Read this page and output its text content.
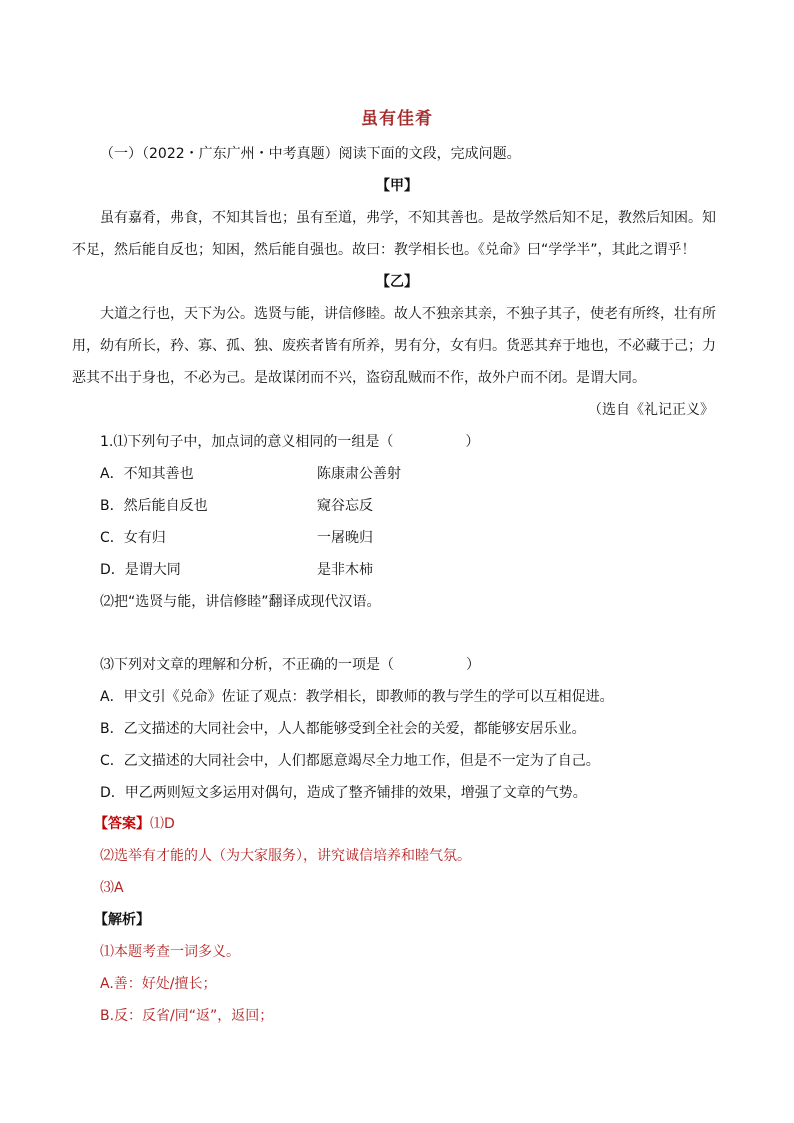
虽有佳肴
（一）（2022・广东广州・中考真题）阅读下面的文段，完成问题。
【甲】
虽有嘉肴，弗食，不知其旨也；虽有至道，弗学，不知其善也。是故学然后知不足，教然后知困。知
不足，然后能自反也；知困，然后能自强也。故曰：教学相长也。《兑命》曰“学学半”，其此之谓乎！
【乙】
大道之行也，天下为公。选贤与能，讲信修睦。故人不独亲其亲，不独子其子，使老有所终，壮有所
用，幼有所长，矜、寡、孤、独、废疾者皆有所养，男有分，女有归。货恶其弃于地也，不必藏于己；力
恶其不出于身也，不必为己。是故谋闭而不兴，盗窃乱贼而不作，故外户而不闭。是谓大同。
（选自《礼记正义》
1.⑴下列句子中，加点词的意义相同的一组是（	）
A．不知其善也	陈康肃公善射
B．然后能自反也	窥谷忘反
C．女有归	一屠晚归
D．是谓大同	是非木柿
⑵把“选贤与能，讲信修睦”翻译成现代汉语。
⑶下列对文章的理解和分析，不正确的一项是（	）
A．甲文引《兑命》佐证了观点：教学相长，即教师的教与学生的学可以互相促进。
B．乙文描述的大同社会中，人人都能够受到全社会的关爱，都能够安居乐业。
C．乙文描述的大同社会中，人们都愿意竭尽全力地工作，但是不一定为了自己。
D．甲乙两则短文多运用对偶句，造成了整齐铺排的效果，增强了文章的气势。
【答案】⑴D
⑵选举有才能的人（为大家服务），讲究诚信培养和睦气氛。
⑶A
【解析】
⑴本题考查一词多义。
A.善：好处/擅长；
B.反：反省/同“返”，返回；
